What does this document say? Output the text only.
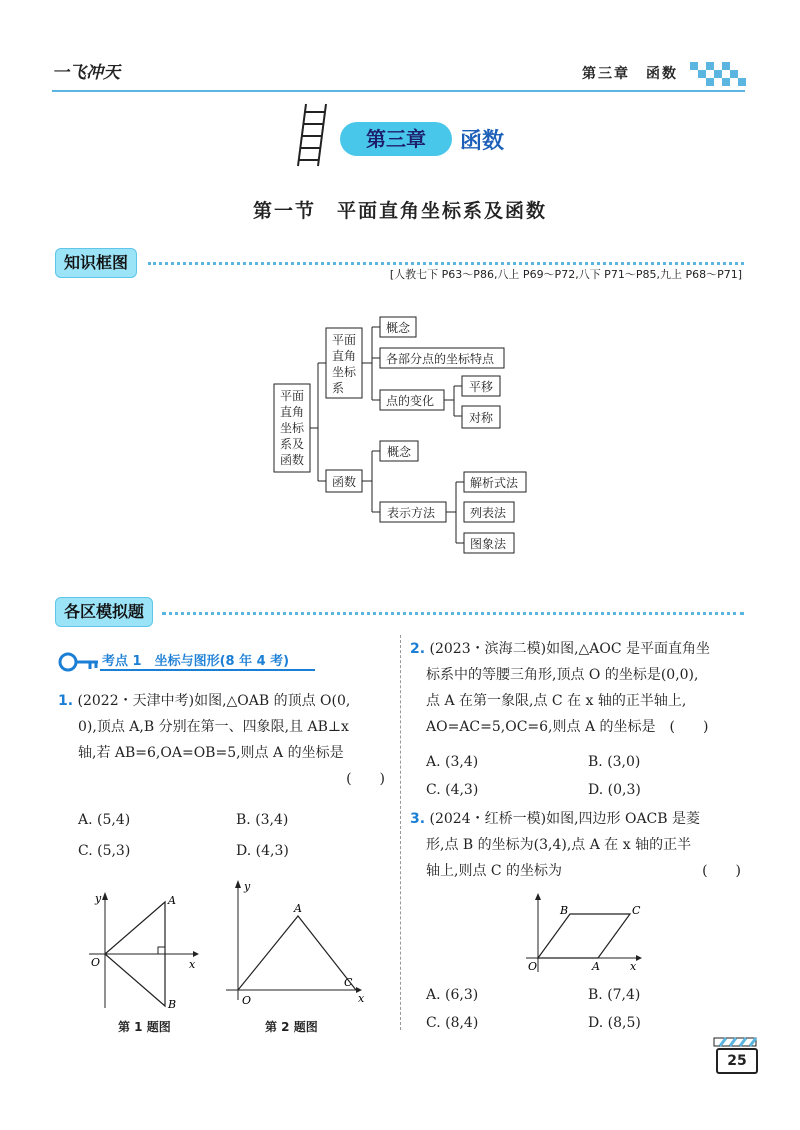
一飞冲天	第三章　函数
第三章	函数
第一节　平面直角坐标系及函数
知识框图
[人教七下 P63～P86,八上 P69～P72,八下 P71～P85,九上 P68～P71]
平面
直角
坐标
系及
函数
平面
直角
坐标
系
概念
各部分点的坐标特点
点的变化
平移
对称
函数
概念
表示方法
解析式法
列表法
图象法
各区模拟题
考点 1　坐标与图形(8 年 4 考)
1. (2022・天津中考)如图,△OAB 的顶点 O(0,
0),顶点 A,B 分别在第一、四象限,且 AB⊥x
轴,若 AB=6,OA=OB=5,则点 A 的坐标是
(　　)
A. (5,4)	B. (3,4)
C. (5,3)	D. (4,3)
y
x
O
A
B
第 1 题图
y
x
O
A
C
第 2 题图
2. (2023・滨海二模)如图,△AOC 是平面直角坐
标系中的等腰三角形,顶点 O 的坐标是(0,0),
点 A 在第一象限,点 C 在 x 轴的正半轴上,
AO=AC=5,OC=6,则点 A 的坐标是　(　　)
A. (3,4)	B. (3,0)
C. (4,3)	D. (0,3)
3. (2024・红桥一模)如图,四边形 OACB 是菱
形,点 B 的坐标为(3,4),点 A 在 x 轴的正半
轴上,则点 C 的坐标为	(　　)
B	C
O	A	x
A. (6,3)	B. (7,4)
C. (8,4)	D. (8,5)
25
